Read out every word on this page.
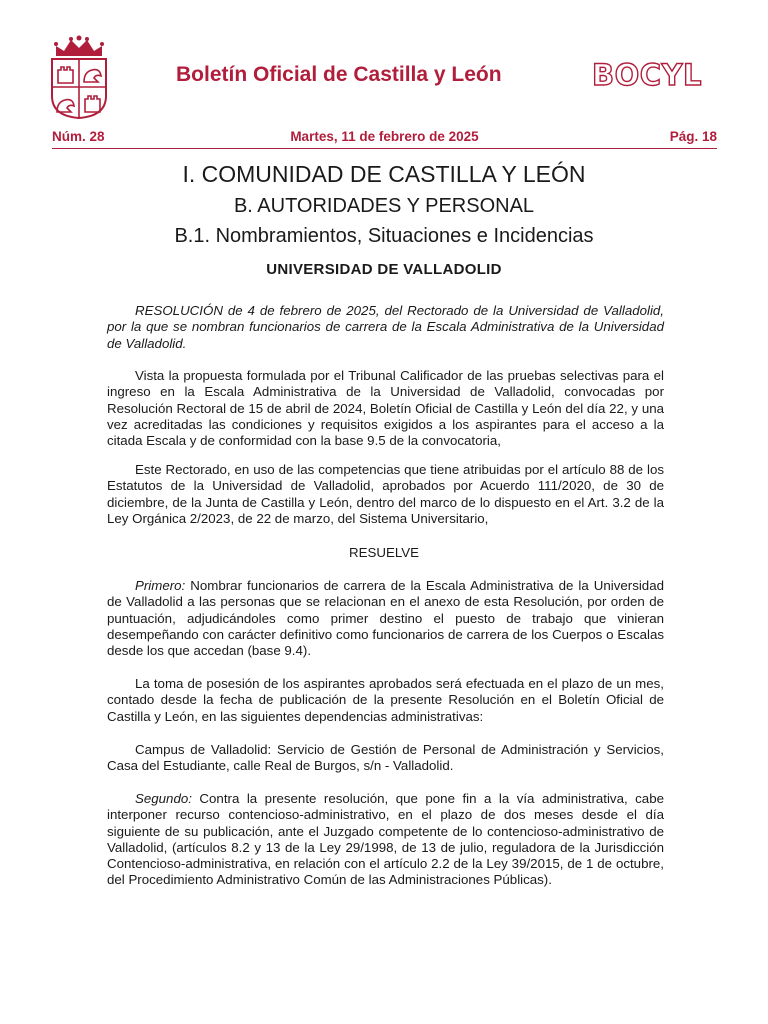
Boletín Oficial de Castilla y León	BOCYL
Martes, 11 de febrero de 2025
Núm. 28	Pág. 18
I. COMUNIDAD DE CASTILLA Y LEÓN
B. AUTORIDADES Y PERSONAL
B.1. Nombramientos, Situaciones e Incidencias
UNIVERSIDAD DE VALLADOLID

RESOLUCIÓN de 4 de febrero de 2025, del Rectorado de la Universidad de Valladolid, por la que se nombran funcionarios de carrera de la Escala Administrativa de la Universidad de Valladolid.

Vista la propuesta formulada por el Tribunal Calificador de las pruebas selectivas para el ingreso en la Escala Administrativa de la Universidad de Valladolid, convocadas por Resolución Rectoral de 15 de abril de 2024, Boletín Oficial de Castilla y León del día 22, y una vez acreditadas las condiciones y requisitos exigidos a los aspirantes para el acceso a la citada Escala y de conformidad con la base 9.5 de la convocatoria,

Este Rectorado, en uso de las competencias que tiene atribuidas por el artículo 88 de los Estatutos de la Universidad de Valladolid, aprobados por Acuerdo 111/2020, de 30 de diciembre, de la Junta de Castilla y León, dentro del marco de lo dispuesto en el Art. 3.2 de la Ley Orgánica 2/2023, de 22 de marzo, del Sistema Universitario,

RESUELVE

Primero: Nombrar funcionarios de carrera de la Escala Administrativa de la Universidad de Valladolid a las personas que se relacionan en el anexo de esta Resolución, por orden de puntuación, adjudicándoles como primer destino el puesto de trabajo que vinieran desempeñando con carácter definitivo como funcionarios de carrera de los Cuerpos o Escalas desde los que accedan (base 9.4).

La toma de posesión de los aspirantes aprobados será efectuada en el plazo de un mes, contado desde la fecha de publicación de la presente Resolución en el Boletín Oficial de Castilla y León, en las siguientes dependencias administrativas:

Campus de Valladolid: Servicio de Gestión de Personal de Administración y Servicios, Casa del Estudiante, calle Real de Burgos, s/n - Valladolid.

Segundo: Contra la presente resolución, que pone fin a la vía administrativa, cabe interponer recurso contencioso-administrativo, en el plazo de dos meses desde el día siguiente de su publicación, ante el Juzgado competente de lo contencioso-administrativo de Valladolid, (artículos 8.2 y 13 de la Ley 29/1998, de 13 de julio, reguladora de la Jurisdicción Contencioso-administrativa, en relación con el artículo 2.2 de la Ley 39/2015, de 1 de octubre, del Procedimiento Administrativo Común de las Administraciones Públicas).
